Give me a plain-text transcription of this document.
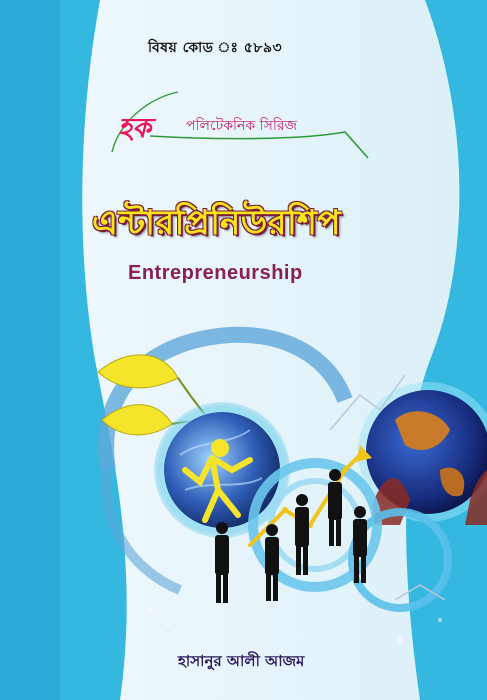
বিষয় কোড ঃ ৫৮৯৩
হক পলিটেকনিক সিরিজ
এন্টারপ্রিনিউরশিপ
Entrepreneurship
হাসানুর আলী আজম
